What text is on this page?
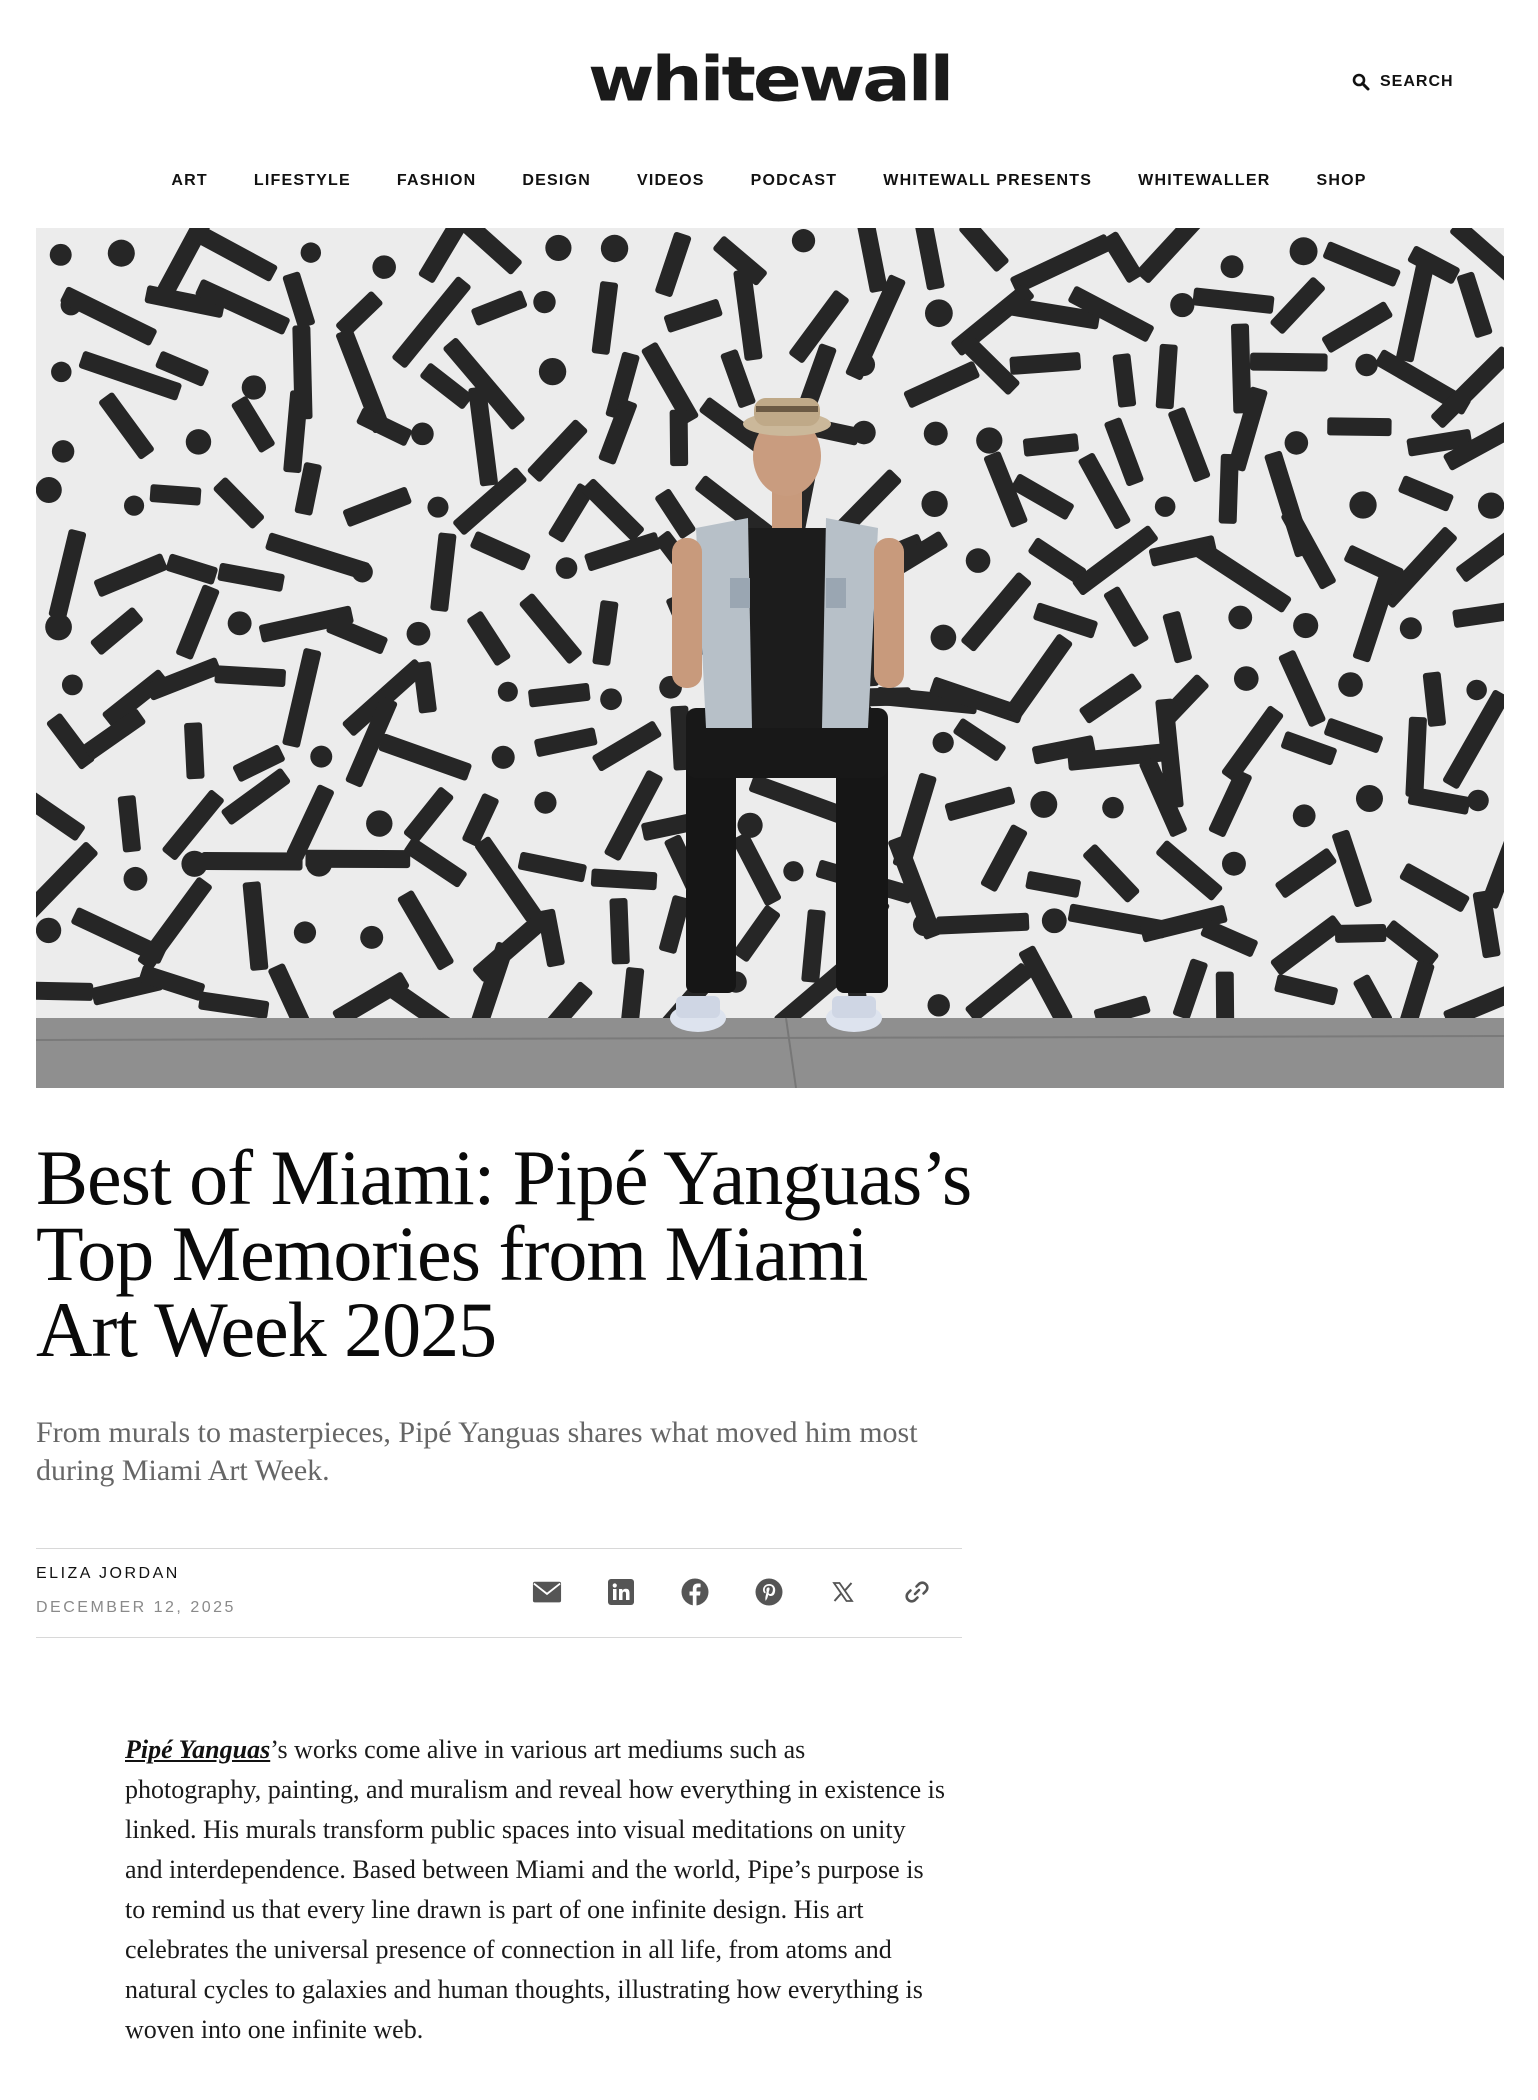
whitewall	SEARCH
ART	LIFESTYLE	FASHION	DESIGN	VIDEOS	PODCAST	WHITEWALL PRESENTS	WHITEWALLER	SHOP
Best of Miami: Pipé Yanguas’s Top Memories from Miami Art Week 2025

From murals to masterpieces, Pipé Yanguas shares what moved him most during Miami Art Week.

ELIZA JORDAN
DECEMBER 12, 2025

Pipé Yanguas’s works come alive in various art mediums such as photography, painting, and muralism and reveal how everything in existence is linked. His murals transform public spaces into visual meditations on unity and interdependence. Based between Miami and the world, Pipe’s purpose is to remind us that every line drawn is part of one infinite design. His art celebrates the universal presence of connection in all life, from atoms and natural cycles to galaxies and human thoughts, illustrating how everything is woven into one infinite web.
